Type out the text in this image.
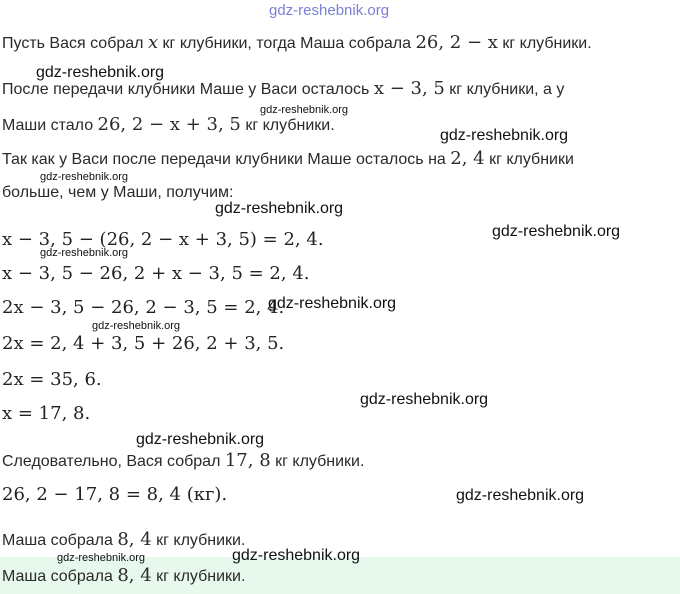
gdz-reshebnik.org
Пусть Вася собрал x кг клубники, тогда Маша собрала 26, 2 − x кг клубники.
После передачи клубники Маше у Васи осталось x − 3, 5 кг клубники, а у
Маши стало 26, 2 − x + 3, 5 кг клубники.
Так как у Васи после передачи клубники Маше осталось на 2, 4 кг клубники
больше, чем у Маши, получим:
x − 3, 5 − (26, 2 − x + 3, 5) = 2, 4.
x − 3, 5 − 26, 2 + x − 3, 5 = 2, 4.
2x − 3, 5 − 26, 2 − 3, 5 = 2, 4.
2x = 2, 4 + 3, 5 + 26, 2 + 3, 5.
2x = 35, 6.
x = 17, 8.
Следовательно, Вася собрал 17, 8 кг клубники.
26, 2 − 17, 8 = 8, 4 (кг).
Маша собрала 8, 4 кг клубники.
Маша собрала 8, 4 кг клубники.
gdz-reshebnik.org
gdz-reshebnik.org
gdz-reshebnik.org
gdz-reshebnik.org
gdz-reshebnik.org
gdz-reshebnik.org
gdz-reshebnik.org
gdz-reshebnik.org
gdz-reshebnik.org
gdz-reshebnik.org
gdz-reshebnik.org
gdz-reshebnik.org
gdz-reshebnik.org	gdz-reshebnik.org
